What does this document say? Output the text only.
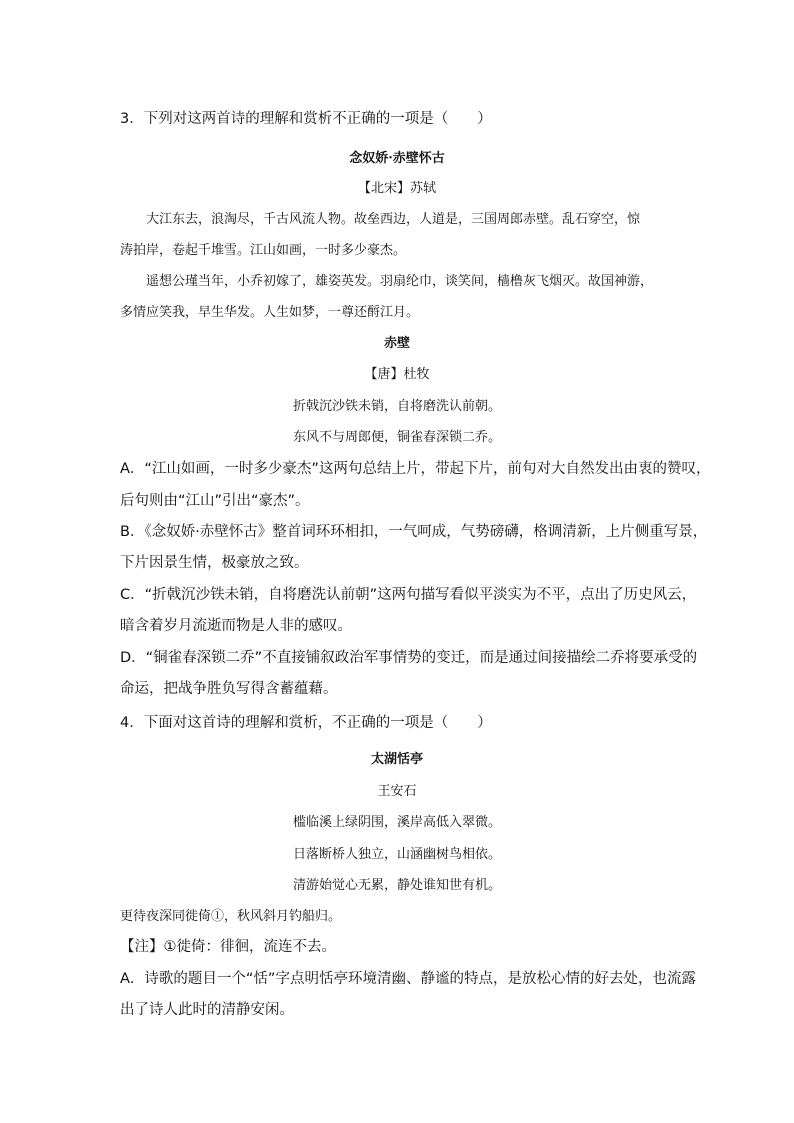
3．下列对这两首诗的理解和赏析不正确的一项是（　　）

念奴娇·赤壁怀古

【北宋】苏轼

大江东去，浪淘尽，千古风流人物。故垒西边，人道是，三国周郎赤壁。乱石穿空，惊

涛拍岸，卷起千堆雪。江山如画，一时多少豪杰。

遥想公瑾当年，小乔初嫁了，雄姿英发。羽扇纶巾，谈笑间，樯橹灰飞烟灭。故国神游，

多情应笑我，早生华发。人生如梦，一尊还酹江月。

赤壁

【唐】杜牧

折戟沉沙铁未销，自将磨洗认前朝。

东风不与周郎便，铜雀春深锁二乔。

A．“江山如画，一时多少豪杰”这两句总结上片，带起下片，前句对大自然发出由衷的赞叹，

后句则由“江山”引出“豪杰”。

B．《念奴娇·赤壁怀古》整首词环环相扣，一气呵成，气势磅礴，格调清新，上片侧重写景，

下片因景生情，极豪放之致。

C．“折戟沉沙铁未销，自将磨洗认前朝”这两句描写看似平淡实为不平，点出了历史风云，

暗含着岁月流逝而物是人非的感叹。

D．“铜雀春深锁二乔”不直接铺叙政治军事情势的变迁，而是通过间接描绘二乔将要承受的

命运，把战争胜负写得含蓄蕴藉。

4．下面对这首诗的理解和赏析，不正确的一项是（　　）

太湖恬亭

王安石

槛临溪上绿阴围，溪岸高低入翠微。

日落断桥人独立，山涵幽树鸟相依。

清游始觉心无累，静处谁知世有机。

更待夜深同徙倚①，秋风斜月钓船归。

【注】①徙倚：徘徊，流连不去。

A．诗歌的题目一个“恬”字点明恬亭环境清幽、静谧的特点，是放松心情的好去处，也流露

出了诗人此时的清静安闲。
